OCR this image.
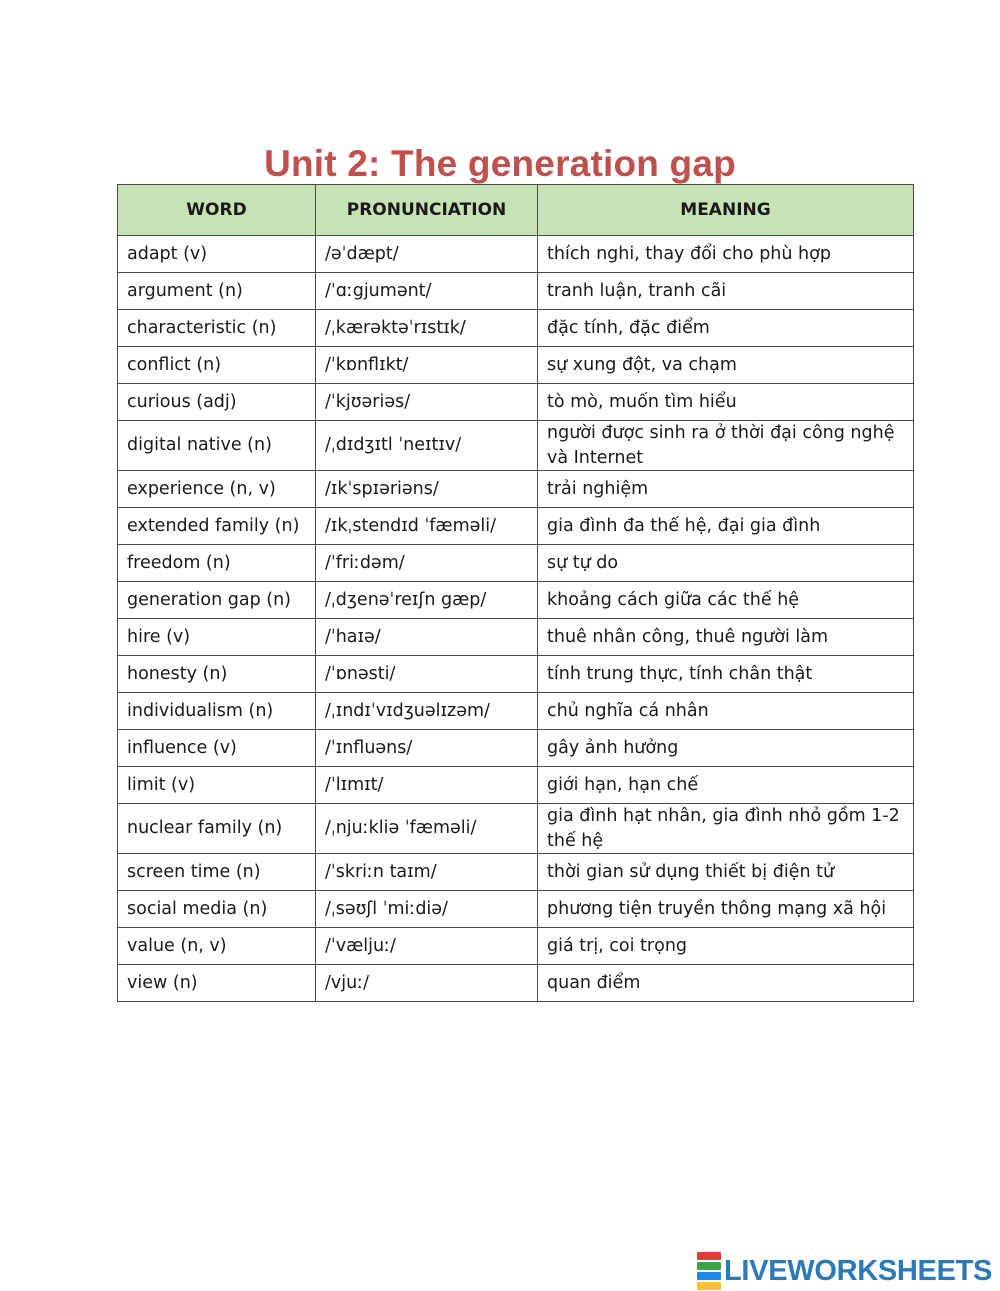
Unit 2: The generation gap
WORD	PRONUNCIATION	MEANING
adapt (v)	/əˈdæpt/	thích nghi, thay đổi cho phù hợp
argument (n)	/ˈɑːgjumənt/	tranh luận, tranh cãi
characteristic (n)	/ˌkærəktəˈrɪstɪk/	đặc tính, đặc điểm
conflict (n)	/ˈkɒnflɪkt/	sự xung đột, va chạm
curious (adj)	/ˈkjʊəriəs/	tò mò, muốn tìm hiểu
digital native (n)	/ˌdɪdʒɪtl ˈneɪtɪv/	người được sinh ra ở thời đại công nghệ và Internet
experience (n, v)	/ɪkˈspɪəriəns/	trải nghiệm
extended family (n)	/ɪkˌstendɪd ˈfæməli/	gia đình đa thế hệ, đại gia đình
freedom (n)	/ˈfriːdəm/	sự tự do
generation gap (n)	/ˌdʒenəˈreɪʃn gæp/	khoảng cách giữa các thế hệ
hire (v)	/ˈhaɪə/	thuê nhân công, thuê người làm
honesty (n)	/ˈɒnəsti/	tính trung thực, tính chân thật
individualism (n)	/ˌɪndɪˈvɪdʒuəlɪzəm/	chủ nghĩa cá nhân
influence (v)	/ˈɪnfluəns/	gây ảnh hưởng
limit (v)	/ˈlɪmɪt/	giới hạn, hạn chế
nuclear family (n)	/ˌnjuːkliə ˈfæməli/	gia đình hạt nhân, gia đình nhỏ gồm 1-2 thế hệ
screen time (n)	/ˈskriːn taɪm/	thời gian sử dụng thiết bị điện tử
social media (n)	/ˌsəʊʃl ˈmiːdiə/	phương tiện truyền thông mạng xã hội
value (n, v)	/ˈvæljuː/	giá trị, coi trọng
view (n)	/vjuː/	quan điểm
LIVEWORKSHEETS
